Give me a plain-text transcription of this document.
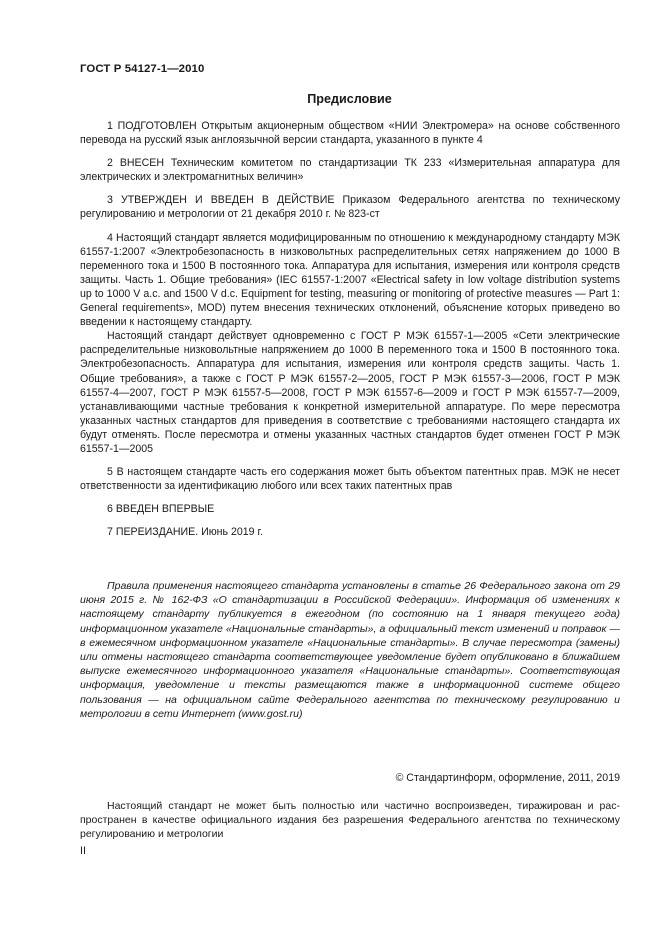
ГОСТ Р 54127-1—2010
Предисловие

1 ПОДГОТОВЛЕН Открытым акционерным обществом «НИИ Электромера» на основе собственного перевода на русский язык англоязычной версии стандарта, указанного в пункте 4

2 ВНЕСЕН Техническим комитетом по стандартизации ТК 233 «Измерительная аппаратура для электрических и электромагнитных величин»

3 УТВЕРЖДЕН И ВВЕДЕН В ДЕЙСТВИЕ Приказом Федерального агентства по техническому регулированию и метрологии от 21 декабря 2010 г. № 823-ст

4 Настоящий стандарт является модифицированным по отношению к международному стандарту МЭК 61557-1:2007 «Электробезопасность в низковольтных распределительных сетях напряжением до 1000 В переменного тока и 1500 В постоянного тока. Аппаратура для испытания, измерения или контроля средств защиты. Часть 1. Общие требования» (IEC 61557-1:2007 «Electrical safety in low voltage distribution systems up to 1000 V a.c. and 1500 V d.c. Equipment for testing, measuring or monitoring of protective measures — Part 1: General requirements», MOD) путем внесения технических отклонений, объяснение которых приведено во введении к настоящему стандарту.

Настоящий стандарт действует одновременно с ГОСТ Р МЭК 61557-1—2005 «Сети электрические распределительные низковольтные напряжением до 1000 В переменного тока и 1500 В постоянного тока. Электробезопасность. Аппаратура для испытания, измерения или контроля средств защиты. Часть 1. Общие требования», а также с ГОСТ Р МЭК 61557-2—2005, ГОСТ Р МЭК 61557-3—2006, ГОСТ Р МЭК 61557-4—2007, ГОСТ Р МЭК 61557-5—2008, ГОСТ Р МЭК 61557-6—2009 и ГОСТ Р МЭК 61557-7—2009, устанавливающими частные требования к конкретной измерительной аппаратуре. По мере пересмотра указанных частных стандартов для приведения в соответствие с требованиями настоящего стандарта их будут отменять. После пересмотра и отмены указанных частных стандартов будет отменен ГОСТ Р МЭК 61557-1—2005

5 В настоящем стандарте часть его содержания может быть объектом патентных прав. МЭК не несет ответственности за идентификацию любого или всех таких патентных прав

6 ВВЕДЕН ВПЕРВЫЕ

7 ПЕРЕИЗДАНИЕ. Июнь 2019 г.

Правила применения настоящего стандарта установлены в статье 26 Федерального закона от 29 июня 2015 г. № 162-ФЗ «О стандартизации в Российской Федерации». Информация об изменениях к настоящему стандарту публикуется в ежегодном (по состоянию на 1 января текущего года) информационном указателе «Национальные стандарты», а официальный текст изменений и поправок — в ежемесячном информационном указателе «Национальные стандарты». В случае пересмотра (замены) или отмены настоящего стандарта соответствующее уведомление будет опубликовано в ближайшем выпуске ежемесячного информационного указателя «Национальные стандарты». Соответствующая информация, уведомление и тексты размещаются также в информационной системе общего пользования — на официальном сайте Федерального агентства по техническому регулированию и метрологии в сети Интернет (www.gost.ru)

© Стандартинформ, оформление, 2011, 2019

Настоящий стандарт не может быть полностью или частично воспроизведен, тиражирован и распространен в качестве официального издания без разрешения Федерального агентства по техническому регулированию и метрологии

II
